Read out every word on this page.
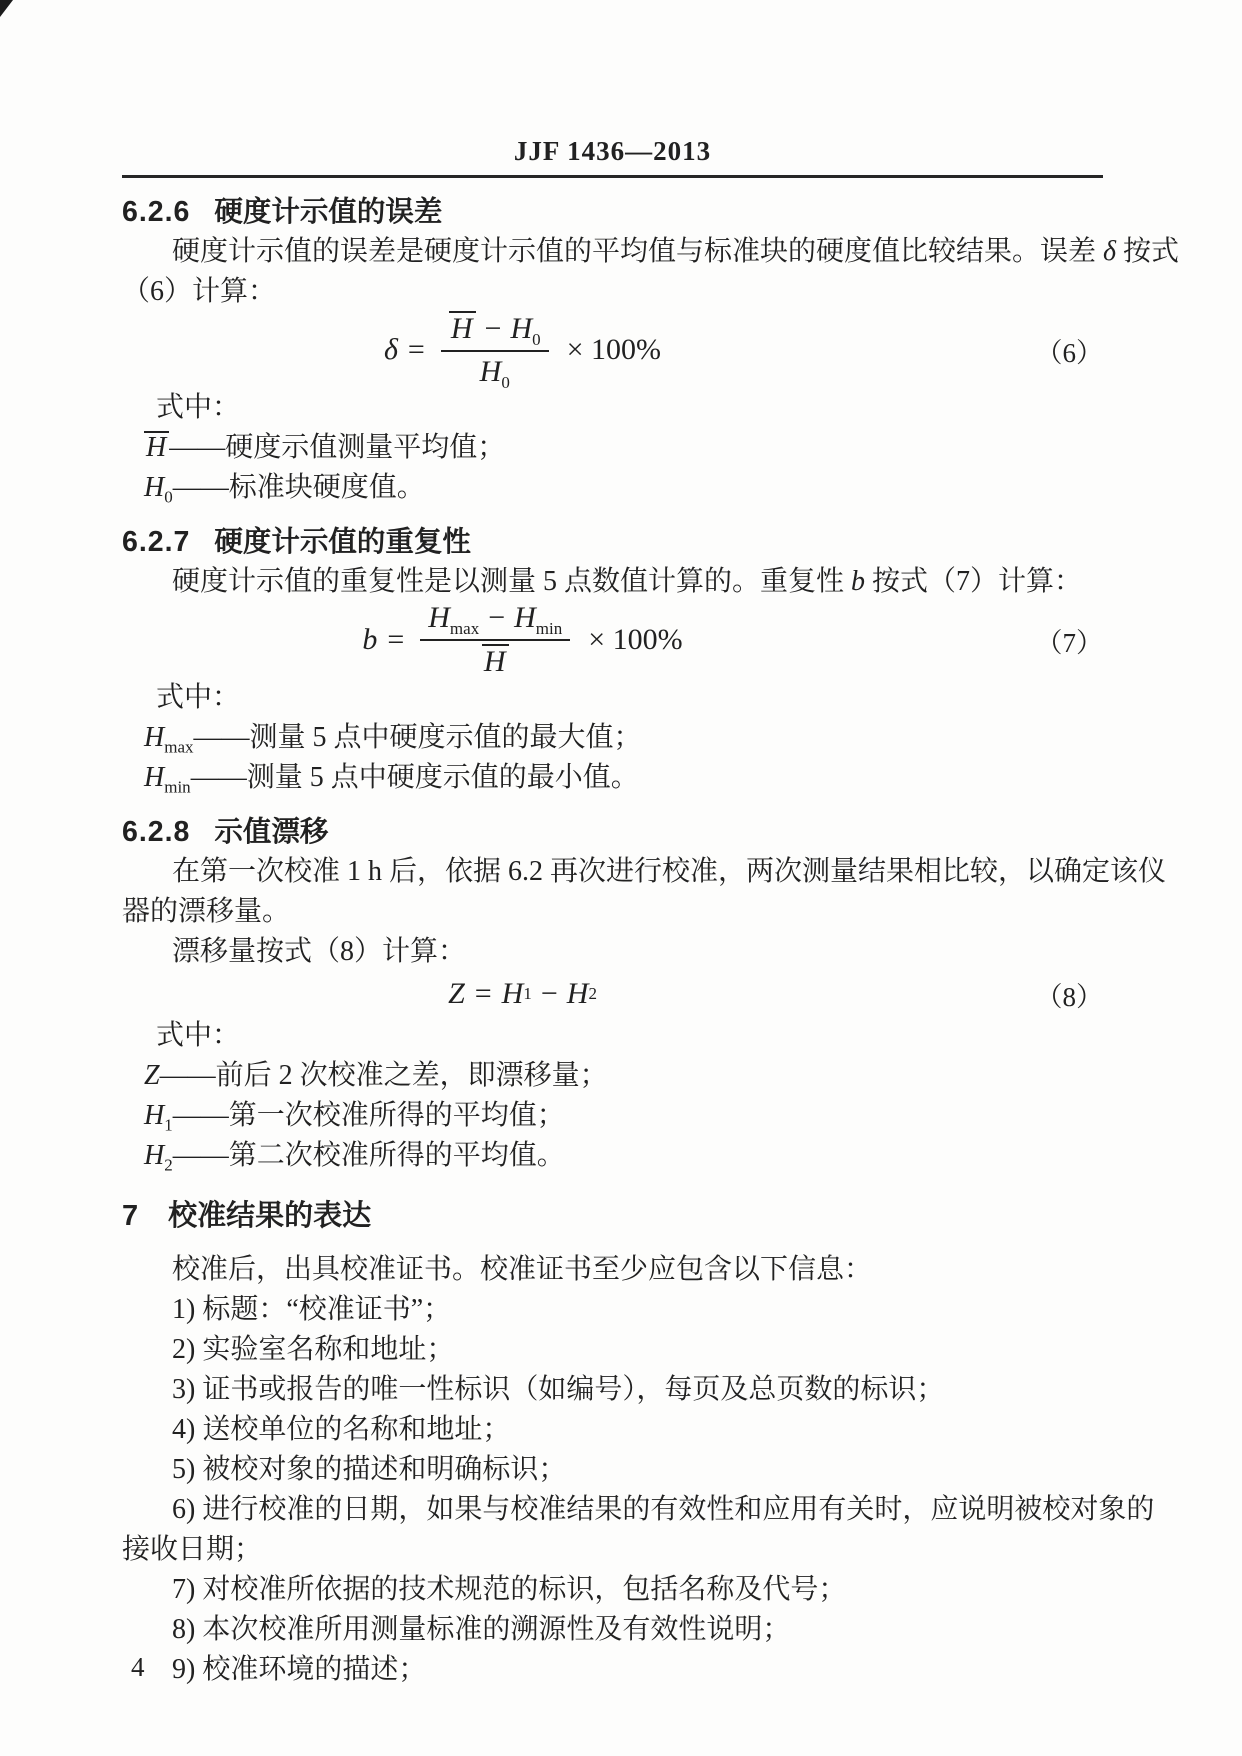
JJF 1436—2013
6.2.6 硬度计示值的误差

硬度计示值的误差是硬度计示值的平均值与标准块的硬度值比较结果。误差 δ 按式

（6）计算：

$\delta = \frac{H - H_0}{H_0} \times 100\%$	（6）

式中：

H ——硬度示值测量平均值；

$H_0——$标准块硬度值。

6.2.7 硬度计示值的重复性

硬度计示值的重复性是以测量 5 点数值计算的。重复性 b 按式（7）计算：

$b = \frac{H_{max} - H_{min}}{H} \times 100\%$	（7）

式中：

$H_{max}——$测量 5 点中硬度示值的最大值；

$H_{min}——$测量 5 点中硬度示值的最小值。

6.2.8 示值漂移

在第一次校准 1 h 后，依据 6.2 再次进行校准，两次测量结果相比较，以确定该仪

器的漂移量。

漂移量按式（8）计算：

Z = H 1 − H 2	（8）

式中：

Z——前后 2 次校准之差，即漂移量；

$H_1——$第一次校准所得的平均值；

$H_2——$第二次校准所得的平均值。

7 校准结果的表达

校准后，出具校准证书。校准证书至少应包含以下信息：

1) 标题：“校准证书”；

2) 实验室名称和地址；

3) 证书或报告的唯一性标识（如编号），每页及总页数的标识；

4) 送校单位的名称和地址；

5) 被校对象的描述和明确标识；

6) 进行校准的日期，如果与校准结果的有效性和应用有关时，应说明被校对象的

接收日期；

7) 对校准所依据的技术规范的标识，包括名称及代号；

8) 本次校准所用测量标准的溯源性及有效性说明；

9) 校准环境的描述；

4
